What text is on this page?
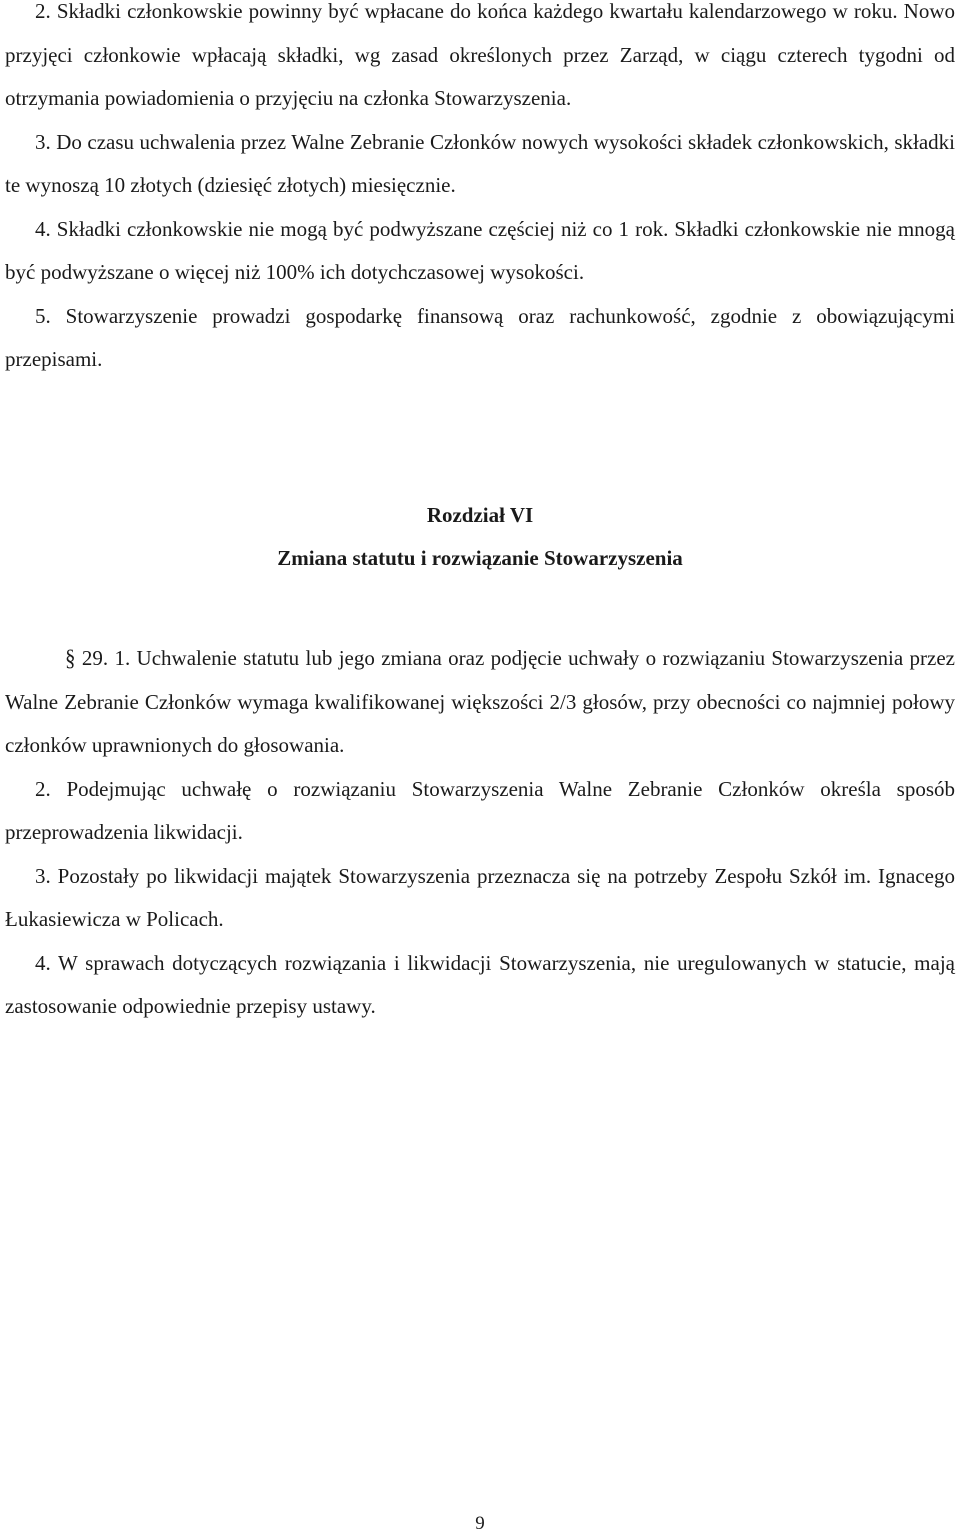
2. Składki członkowskie powinny być wpłacane do końca każdego kwartału kalendarzowego w roku. Nowo przyjęci członkowie wpłacają składki, wg zasad określonych przez Zarząd, w ciągu czterech tygodni od otrzymania powiadomienia o przyjęciu na członka Stowarzyszenia.

3. Do czasu uchwalenia przez Walne Zebranie Członków nowych wysokości składek członkowskich, składki te wynoszą 10 złotych (dziesięć złotych) miesięcznie.

4. Składki członkowskie nie mogą być podwyższane częściej niż co 1 rok. Składki członkowskie nie mnogą być podwyższane o więcej niż 100% ich dotychczasowej wysokości.

5. Stowarzyszenie prowadzi gospodarkę finansową oraz rachunkowość, zgodnie z obowiązującymi przepisami.

Rozdział VI
Zmiana statutu i rozwiązanie Stowarzyszenia

§ 29. 1. Uchwalenie statutu lub jego zmiana oraz podjęcie uchwały o rozwiązaniu Stowarzyszenia przez Walne Zebranie Członków wymaga kwalifikowanej większości 2/3 głosów, przy obecności co najmniej połowy członków uprawnionych do głosowania.

2. Podejmując uchwałę o rozwiązaniu Stowarzyszenia Walne Zebranie Członków określa sposób przeprowadzenia likwidacji.

3. Pozostały po likwidacji majątek Stowarzyszenia przeznacza się na potrzeby Zespołu Szkół im. Ignacego Łukasiewicza w Policach.

4. W sprawach dotyczących rozwiązania i likwidacji Stowarzyszenia, nie uregulowanych w statucie, mają zastosowanie odpowiednie przepisy ustawy.

9
